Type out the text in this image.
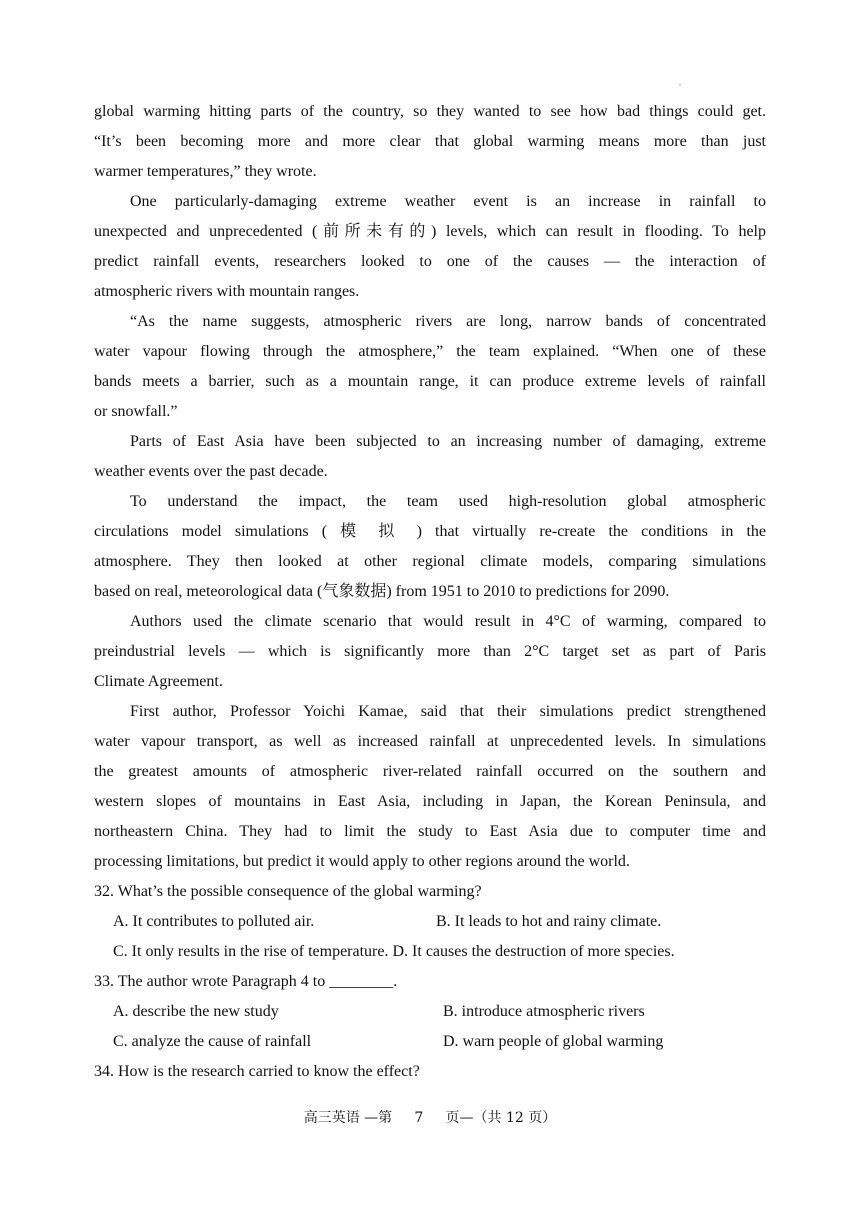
global warming hitting parts of the country, so they wanted to see how bad things could get.
“It’s been becoming more and more clear that global warming means more than just
warmer temperatures,” they wrote.
One particularly-damaging extreme weather event is an increase in rainfall to
unexpected and unprecedented (前所未有的) levels, which can result in flooding. To help
predict rainfall events, researchers looked to one of the causes — the interaction of
atmospheric rivers with mountain ranges.
“As the name suggests, atmospheric rivers are long, narrow bands of concentrated
water vapour flowing through the atmosphere,” the team explained. “When one of these
bands meets a barrier, such as a mountain range, it can produce extreme levels of rainfall
or snowfall.”
Parts of East Asia have been subjected to an increasing number of damaging, extreme
weather events over the past decade.
To understand the impact, the team used high-resolution global atmospheric
circulations model simulations ( 模 拟 ) that virtually re-create the conditions in the
atmosphere. They then looked at other regional climate models, comparing simulations
based on real, meteorological data (气象数据) from 1951 to 2010 to predictions for 2090.
Authors used the climate scenario that would result in 4°C of warming, compared to
preindustrial levels — which is significantly more than 2°C target set as part of Paris
Climate Agreement.
First author, Professor Yoichi Kamae, said that their simulations predict strengthened
water vapour transport, as well as increased rainfall at unprecedented levels. In simulations
the greatest amounts of atmospheric river-related rainfall occurred on the southern and
western slopes of mountains in East Asia, including in Japan, the Korean Peninsula, and
northeastern China. They had to limit the study to East Asia due to computer time and
processing limitations, but predict it would apply to other regions around the world.
32. What’s the possible consequence of the global warming?
A. It contributes to polluted air.	B. It leads to hot and rainy climate.
C. It only results in the rise of temperature.
D. It causes the destruction of more species.
33. The author wrote Paragraph 4 to ________.
A. describe the new study	B. introduce atmospheric rivers
C. analyze the cause of rainfall	D. warn people of global warming
34. How is the research carried to know the effect?
高三英语 —第     7     页—（共 12 页）
